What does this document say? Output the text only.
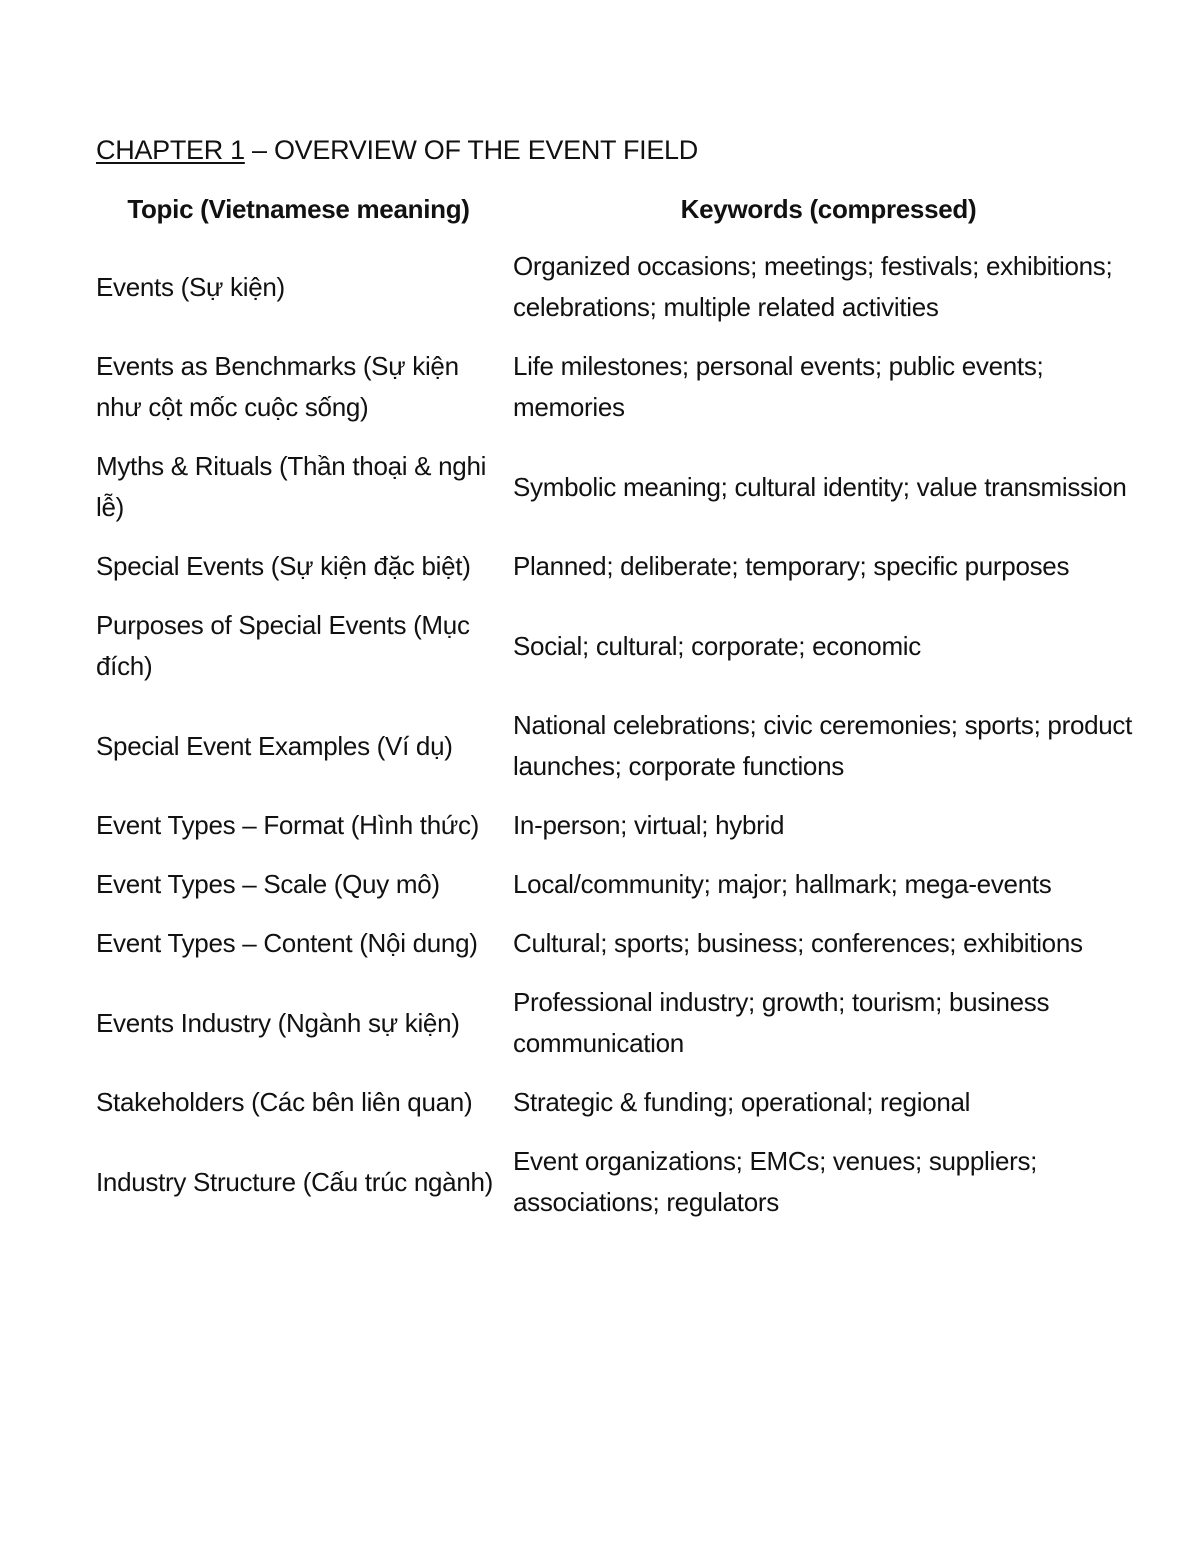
CHAPTER 1 – OVERVIEW OF THE EVENT FIELD
Topic (Vietnamese meaning)	Keywords (compressed)
Events (Sự kiện)	Organized occasions; meetings; festivals; exhibitions; celebrations; multiple related activities
Events as Benchmarks (Sự kiện như cột mốc cuộc sống)	Life milestones; personal events; public events; memories
Myths & Rituals (Thần thoại & nghi lễ)	Symbolic meaning; cultural identity; value transmission
Special Events (Sự kiện đặc biệt)	Planned; deliberate; temporary; specific purposes
Purposes of Special Events (Mục đích)	Social; cultural; corporate; economic
Special Event Examples (Ví dụ)	National celebrations; civic ceremonies; sports; product launches; corporate functions
Event Types – Format (Hình thức)	In-person; virtual; hybrid
Event Types – Scale (Quy mô)	Local/community; major; hallmark; mega-events
Event Types – Content (Nội dung)	Cultural; sports; business; conferences; exhibitions
Events Industry (Ngành sự kiện)	Professional industry; growth; tourism; business communication
Stakeholders (Các bên liên quan)	Strategic & funding; operational; regional
Industry Structure (Cấu trúc ngành)	Event organizations; EMCs; venues; suppliers; associations; regulators
